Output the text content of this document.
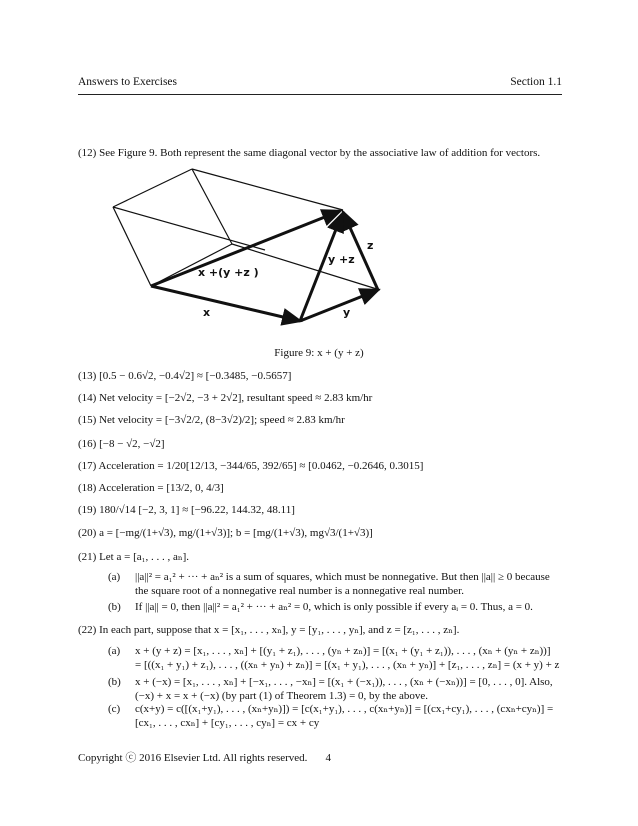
Answers to Exercises	Section 1.1
(12) See Figure 9. Both represent the same diagonal vector by the associative law of addition for vectors.
x +(y +z )
x	y
y +z
z
Figure 9: x + (y + z)
(13) [0.5 − 0.6√2, −0.4√2] ≈ [−0.3485, −0.5657]
(14) Net velocity = [−2√2, −3 + 2√2], resultant speed ≈ 2.83 km/hr
(15) Net velocity = [−3√2/2, (8−3√2)/2]; speed ≈ 2.83 km/hr
(16) [−8 − √2, −√2]
(17) Acceleration = 1/20[12/13, −344/65, 392/65] ≈ [0.0462, −0.2646, 0.3015]
(18) Acceleration = [13/2, 0, 4/3]
(19) 180/√14 [−2, 3, 1] ≈ [−96.22, 144.32, 48.11]
(20) a = [−mg/(1+√3), mg/(1+√3)]; b = [mg/(1+√3), mg√3/(1+√3)]
(21) Let a = [a₁, . . . , aₙ].
(a) ||a||² = a₁² + ··· + aₙ² is a sum of squares, which must be nonnegative. But then ||a|| ≥ 0 because
the square root of a nonnegative real number is a nonnegative real number.
(b) If ||a|| = 0, then ||a||² = a₁² + ··· + aₙ² = 0, which is only possible if every aᵢ = 0. Thus, a = 0.
(22) In each part, suppose that x = [x₁, . . . , xₙ], y = [y₁, . . . , yₙ], and z = [z₁, . . . , zₙ].
(a) x + (y + z) = [x₁, . . . , xₙ] + [(y₁ + z₁), . . . , (yₙ + zₙ)] = [(x₁ + (y₁ + z₁)), . . . , (xₙ + (yₙ + zₙ))]
= [((x₁ + y₁) + z₁), . . . , ((xₙ + yₙ) + zₙ)] = [(x₁ + y₁), . . . , (xₙ + yₙ)] + [z₁, . . . , zₙ] = (x + y) + z
(b) x + (−x) = [x₁, . . . , xₙ] + [−x₁, . . . , −xₙ] = [(x₁ + (−x₁)), . . . , (xₙ + (−xₙ))] = [0, . . . , 0]. Also,
(−x) + x = x + (−x) (by part (1) of Theorem 1.3) = 0, by the above.
(c) c(x+y) = c([(x₁+y₁), . . . , (xₙ+yₙ)]) = [c(x₁+y₁), . . . , c(xₙ+yₙ)] = [(cx₁+cy₁), . . . , (cxₙ+cyₙ)] =
[cx₁, . . . , cxₙ] + [cy₁, . . . , cyₙ] = cx + cy
Copyright ⓒ 2016 Elsevier Ltd. All rights reserved. 4
